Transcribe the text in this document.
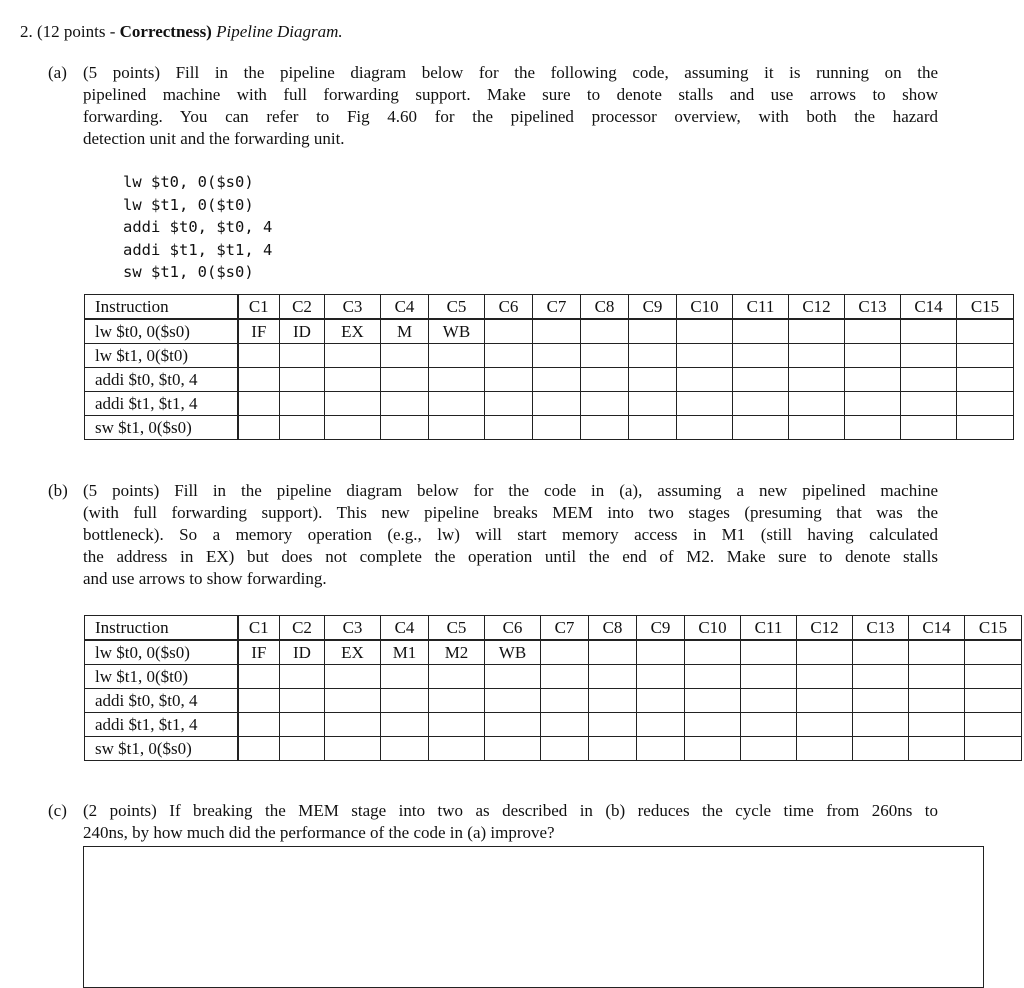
2. (12 points - Correctness) Pipeline Diagram.
(a) (5 points) Fill in the pipeline diagram below for the following code, assuming it is running on the
pipelined machine with full forwarding support. Make sure to denote stalls and use arrows to show
forwarding. You can refer to Fig 4.60 for the pipelined processor overview, with both the hazard
detection unit and the forwarding unit.
lw $t0, 0($s0)
lw $t1, 0($t0)
addi $t0, $t0, 4
addi $t1, $t1, 4
sw $t1, 0($s0)
Instruction	C1	C2	C3	C4	C5	C6	C7	C8	C9	C10	C11	C12	C13	C14	C15
lw $t0, 0($s0)	IF	ID	EX	M	WB										
lw $t1, 0($t0)															
addi $t0, $t0, 4															
addi $t1, $t1, 4															
sw $t1, 0($s0)															
(b) (5 points) Fill in the pipeline diagram below for the code in (a), assuming a new pipelined machine
(with full forwarding support). This new pipeline breaks MEM into two stages (presuming that was the
bottleneck). So a memory operation (e.g., lw) will start memory access in M1 (still having calculated
the address in EX) but does not complete the operation until the end of M2. Make sure to denote stalls
and use arrows to show forwarding.
Instruction	C1	C2	C3	C4	C5	C6	C7	C8	C9	C10	C11	C12	C13	C14	C15
lw $t0, 0($s0)	IF	ID	EX	M1	M2	WB									
lw $t1, 0($t0)															
addi $t0, $t0, 4															
addi $t1, $t1, 4															
sw $t1, 0($s0)															
(c) (2 points) If breaking the MEM stage into two as described in (b) reduces the cycle time from 260ns to
240ns, by how much did the performance of the code in (a) improve?
